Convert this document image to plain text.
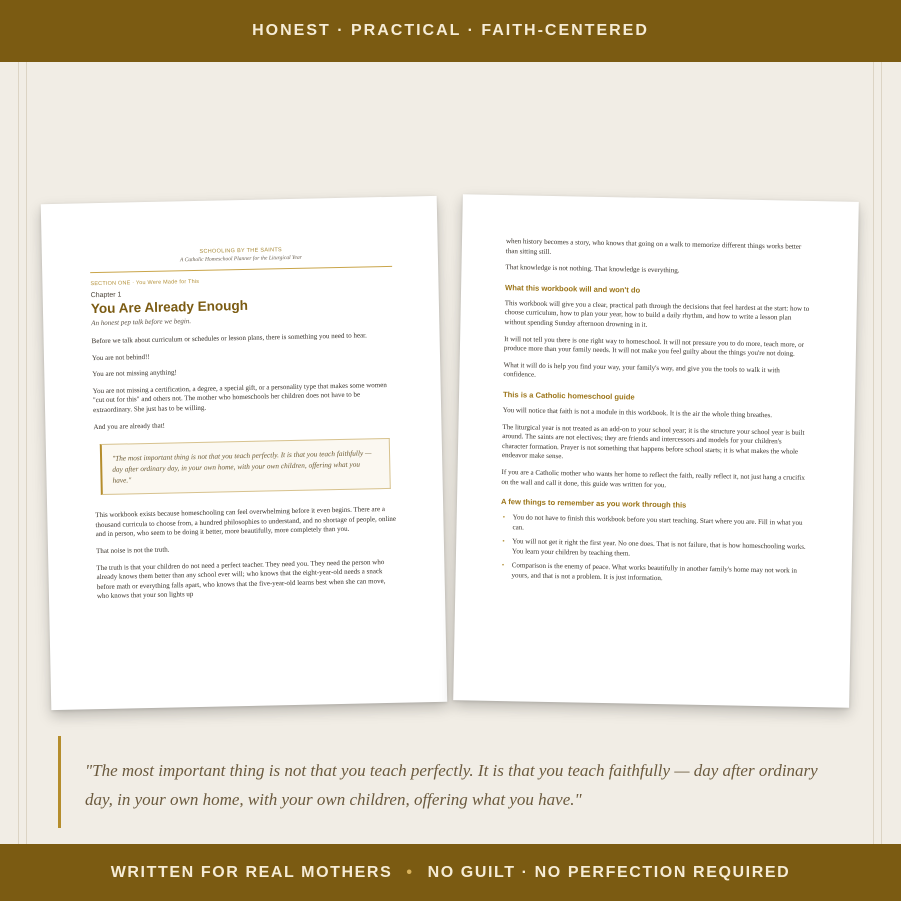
HONEST · PRACTICAL · FAITH-CENTERED
SCHOOLING BY THE SAINTS
A Catholic Homeschool Planner for the Liturgical Year
SECTION ONE · You Were Made for This
Chapter 1
You Are Already Enough
An honest pep talk before we begin.

Before we talk about curriculum or schedules or lesson plans, there is something you need to hear.

You are not behind!!

You are not missing anything!

You are not missing a certification, a degree, a special gift, or a personality type that makes some women "cut out for this" and others not. The mother who homeschools her children does not have to be extraordinary. She just has to be willing.

And you are already that!

"The most important thing is not that you teach perfectly. It is that you teach faithfully — day after ordinary day, in your own home, with your own children, offering what you have."

This workbook exists because homeschooling can feel overwhelming before it even begins. There are a thousand curricula to choose from, a hundred philosophies to understand, and no shortage of people, online and in person, who seem to be doing it better, more beautifully, more completely than you.

That noise is not the truth.

The truth is that your children do not need a perfect teacher. They need you. They need the person who already knows them better than any school ever will; who knows that the eight-year-old needs a snack before math or everything falls apart, who knows that the five-year-old learns best when she can move, who knows that your son lights up

when history becomes a story, who knows that going on a walk to memorize different things works better than sitting still.

That knowledge is not nothing. That knowledge is everything.

What this workbook will and won't do

This workbook will give you a clear, practical path through the decisions that feel hardest at the start: how to choose curriculum, how to plan your year, how to build a daily rhythm, and how to write a lesson plan without spending Sunday afternoon drowning in it.

It will not tell you there is one right way to homeschool. It will not pressure you to do more, teach more, or produce more than your family needs. It will not make you feel guilty about the things you're not doing.

What it will do is help you find your way, your family's way, and give you the tools to walk it with confidence.

This is a Catholic homeschool guide

You will notice that faith is not a module in this workbook. It is the air the whole thing breathes.

The liturgical year is not treated as an add-on to your school year; it is the structure your school year is built around. The saints are not electives; they are friends and intercessors and models for your children's character formation. Prayer is not something that happens before school starts; it is what makes the whole endeavor make sense.

If you are a Catholic mother who wants her home to reflect the faith, really reflect it, not just hang a crucifix on the wall and call it done, this guide was written for you.

A few things to remember as you work through this
• You do not have to finish this workbook before you start teaching. Start where you are. Fill in what you can.
• You will not get it right the first year. No one does. That is not failure, that is how homeschooling works. You learn your children by teaching them.
• Comparison is the enemy of peace. What works beautifully in another family's home may not work in yours, and that is not a problem. It is just information.
"The most important thing is not that you teach perfectly. It is that you teach faithfully — day after ordinary day, in your own home, with your own children, offering what you have."
WRITTEN FOR REAL MOTHERS • NO GUILT · NO PERFECTION REQUIRED
